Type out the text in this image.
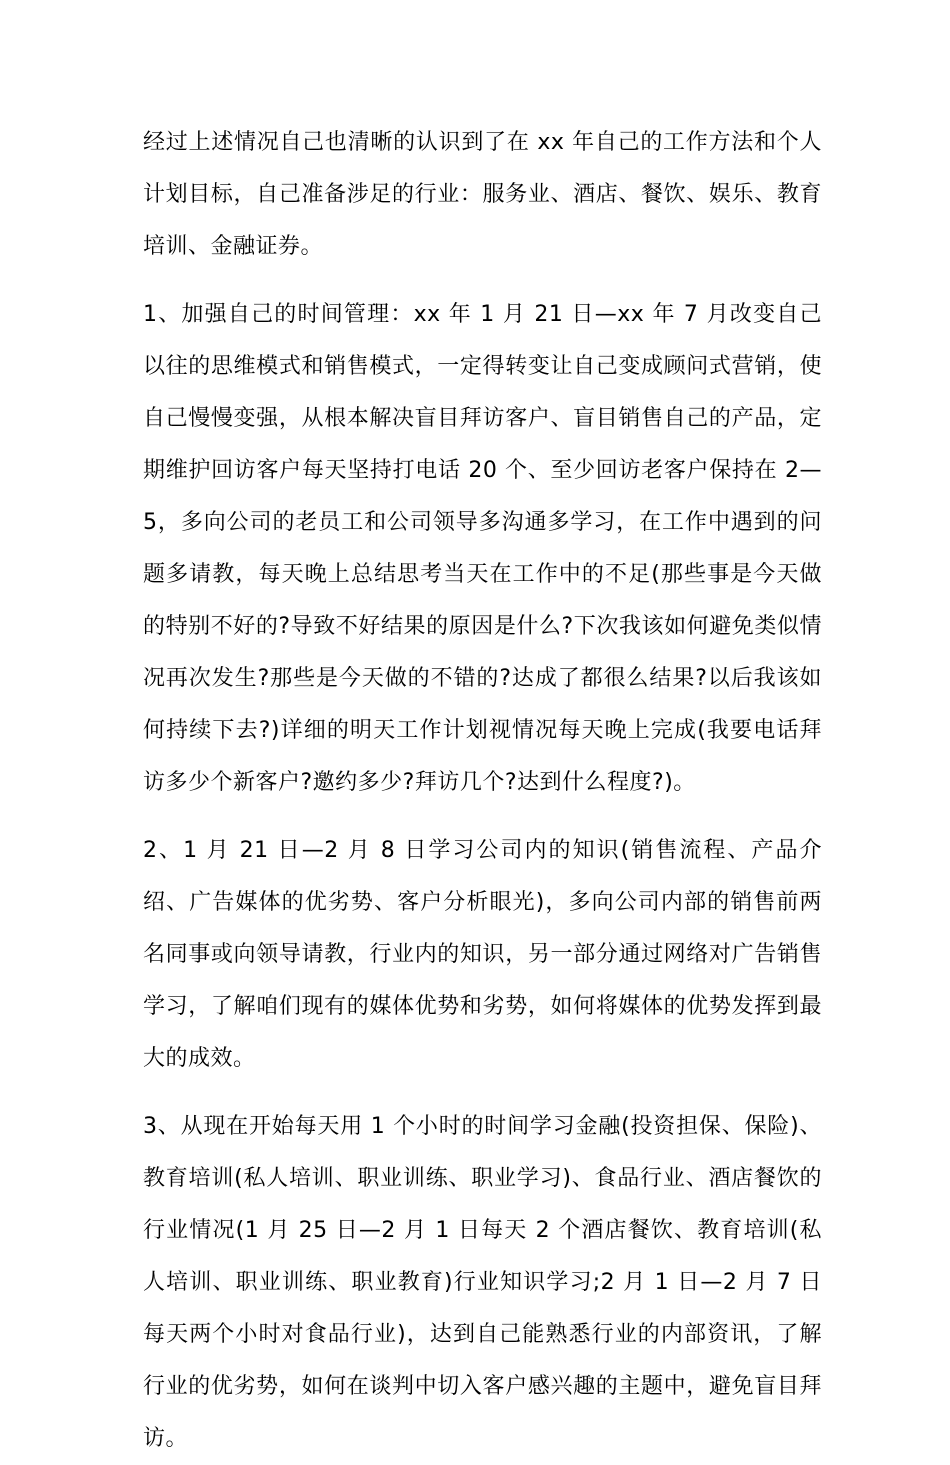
经过上述情况自己也清晰的认识到了在 xx 年自己的工作方法和个人计划目标，自己准备涉足的行业：服务业、酒店、餐饮、娱乐、教育培训、金融证券。

1、加强自己的时间管理：xx 年 1 月 21 日—xx 年 7 月改变自己以往的思维模式和销售模式，一定得转变让自己变成顾问式营销，使自己慢慢变强，从根本解决盲目拜访客户、盲目销售自己的产品，定期维护回访客户每天坚持打电话 20 个、至少回访老客户保持在 2—5，多向公司的老员工和公司领导多沟通多学习，在工作中遇到的问题多请教，每天晚上总结思考当天在工作中的不足(那些事是今天做的特别不好的?导致不好结果的原因是什么?下次我该如何避免类似情况再次发生?那些是今天做的不错的?达成了都很么结果?以后我该如何持续下去?)详细的明天工作计划视情况每天晚上完成(我要电话拜访多少个新客户?邀约多少?拜访几个?达到什么程度?)。

2、1 月 21 日—2 月 8 日学习公司内的知识(销售流程、产品介绍、广告媒体的优劣势、客户分析眼光)，多向公司内部的销售前两名同事或向领导请教，行业内的知识，另一部分通过网络对广告销售学习，了解咱们现有的媒体优势和劣势，如何将媒体的优势发挥到最大的成效。

3、从现在开始每天用 1 个小时的时间学习金融(投资担保、保险)、教育培训(私人培训、职业训练、职业学习)、食品行业、酒店餐饮的行业情况(1 月 25 日—2 月 1 日每天 2 个酒店餐饮、教育培训(私人培训、职业训练、职业教育)行业知识学习;2 月 1 日—2 月 7 日每天两个小时对食品行业)，达到自己能熟悉行业的内部资讯，了解行业的优劣势，如何在谈判中切入客户感兴趣的主题中，避免盲目拜访。
